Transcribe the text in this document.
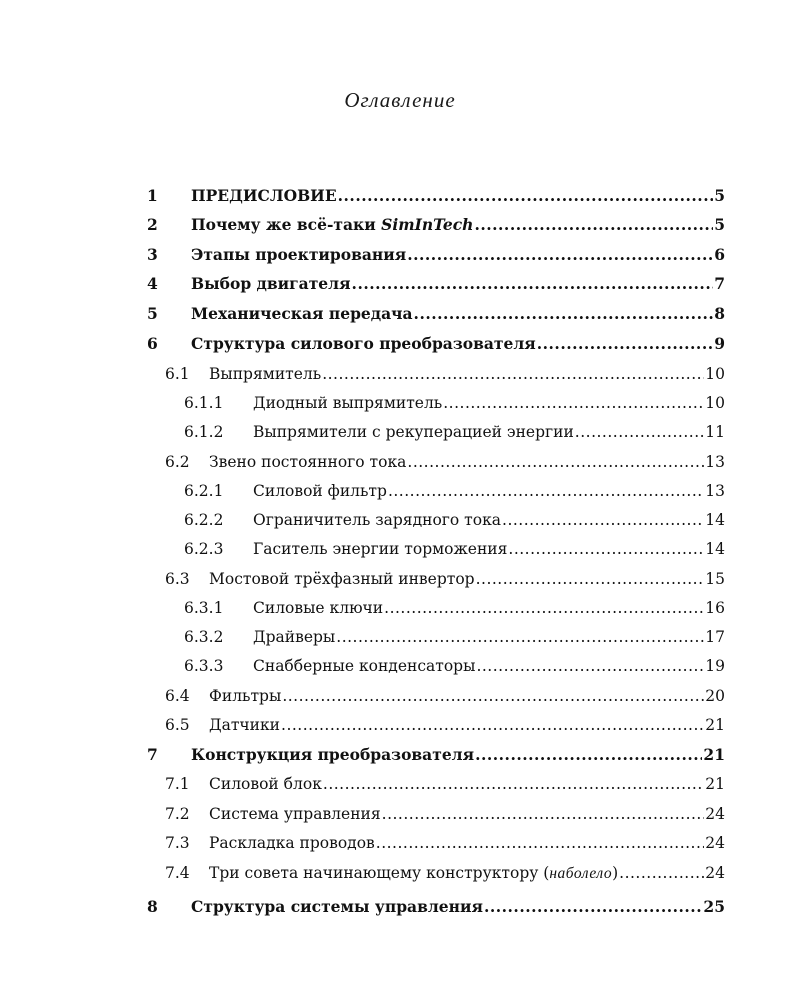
Оглавление
1	ПРЕДИСЛОВИЕ .....	5
2	Почему же всё-таки SimInTech .....	5
3	Этапы проектирования .....	6
4	Выбор двигателя .....	7
5	Механическая передача .....	8
6	Структура силового преобразователя .....	9
6.1	Выпрямитель .....	10
6.1.1	Диодный выпрямитель .....	10
6.1.2	Выпрямители с рекуперацией энергии .....	11
6.2	Звено постоянного тока .....	13
6.2.1	Силовой фильтр .....	13
6.2.2	Ограничитель зарядного тока .....	14
6.2.3	Гаситель энергии торможения .....	14
6.3	Мостовой трёхфазный инвертор .....	15
6.3.1	Силовые ключи .....	16
6.3.2	Драйверы .....	17
6.3.3	Снабберные конденсаторы .....	19
6.4	Фильтры .....	20
6.5	Датчики .....	21
7	Конструкция преобразователя .....	21
7.1	Силовой блок .....	21
7.2	Система управления .....	24
7.3	Раскладка проводов .....	24
7.4	Три совета начинающему конструктору (наболело) .....	24
8	Структура системы управления .....	25
